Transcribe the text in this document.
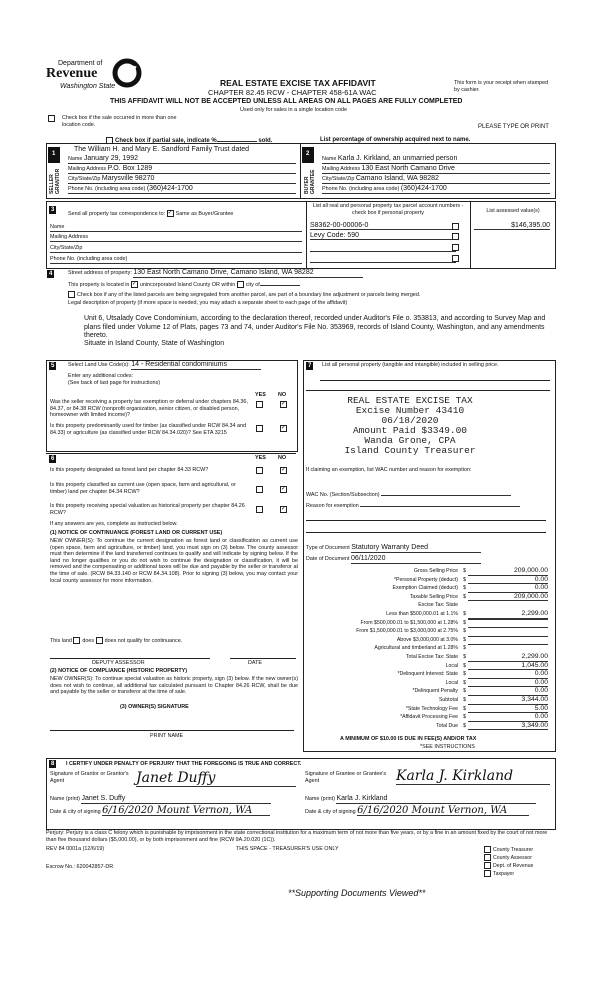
Department of
Revenue
Washington State	REAL ESTATE EXCISE TAX AFFIDAVIT
CHAPTER 82.45 RCW - CHAPTER 458-61A WAC
This form is your receipt when stamped by cashier.
THIS AFFIDAVIT WILL NOT BE ACCEPTED UNLESS ALL AREAS ON ALL PAGES ARE FULLY COMPLETED
Used only for sales in a single location code
Check box if the sale occurred in more than one location code.	PLEASE TYPE OR PRINT
Check box if partial sale, indicate %	sold.	List percentage of ownership acquired next to name.
1
SELLER GRANTOR
The William H. and Mary E. Sandford Family Trust dated
Name January 29, 1992
Mailing Address P.O. Box 1289
City/State/Zip Marysville 98270
Phone No. (including area code) (360)424-1700
2
BUYER GRANTEE
Name Karla J. Kirkland, an unmarried person
Mailing Address 130 East North Camano Drive
City/State/Zip Camano Island, WA 98282
Phone No. (including area code) (360)424-1700
3
Send all property tax correspondence to: ✓ Same as Buyer/Grantee
Name
Mailing Address
City/State/Zip
Phone No. (including area code)
List all real and personal property tax parcel account numbers - check box if personal property	List assessed value(s)
S8362-00-00006-0
Levy Code: 590
$146,395.00
4	Street address of property: 130 East North Camano Drive, Camano Island, WA 98282
This property is located in ✓ unincorporated Island County OR within city of
Check box if any of the listed parcels are being segregated from another parcel, are part of a boundary line adjustment or parcels being merged.
Legal description of property (if more space is needed, you may attach a separate sheet to each page of the affidavit)
Unit 6, Utsalady Cove Condominium, according to the declaration thereof, recorded under Auditor's File o. 353813, and according to Survey Map and plans filed under Volume 12 of Plats, pages 73 and 74, under Auditor's File No. 353969, records of Island County, Washington, and any amendments thereto.
Situate in Island County, State of Washington
5	Select Land Use Code(s): 14 - Residential condominiums
Enter any additional codes:
(See back of last page for instructions)
YES NO
Was the seller receiving a property tax exemption or deferral under chapters 84.36, 84.37, or 84.38 RCW (nonprofit organization, senior citizen, or disabled person, homeowner with limited income)?
✓
Is this property predominantly used for timber (as classified under RCW 84.34 and 84.33) or agriculture (as classified under RCW 84.34.020)? See ETA 3215
✓
6	YES NO
Is this property designated as forest land per chapter 84.33 RCW?
✓
Is this property classified as current use (open space, farm and agricultural, or timber) land per chapter 84.34 RCW?
✓
Is this property receiving special valuation as historical property per chapter 84.26 RCW?
✓
If any answers are yes, complete as instructed below.
(1) NOTICE OF CONTINUANCE (FOREST LAND OR CURRENT USE)
NEW OWNER(S): To continue the current designation as forest land or classification as current use (open space, farm and agriculture, or timber) land, you must sign on (3) below. The county assessor must then determine if the land transferred continues to qualify and will indicate by signing below. If the land no longer qualifies or you do not wish to continue the designation or classification, it will be removed and the compensating or additional taxes will be due and payable by the seller or transferor at the time of sale. (RCW 84.33.140 or RCW 84.34.108). Prior to signing (3) below, you may contact your local county assessor for more information.
This land does does not qualify for continuance.
DEPUTY ASSESSOR	DATE
(2) NOTICE OF COMPLIANCE (HISTORIC PROPERTY)
NEW OWNER(S): To continue special valuation as historic property, sign (3) below. If the new owner(s) does not wish to continue, all additional tax calculated pursuant to Chapter 84.26 RCW, shall be due and payable by the seller or transferor at the time of sale.
(3) OWNER(S) SIGNATURE
PRINT NAME
7	List all personal property (tangible and intangible) included in selling price.
REAL ESTATE EXCISE TAX
Excise Number 43410
06/18/2020
Amount Paid $3349.00
Wanda Grone, CPA
Island County Treasurer
If claiming an exemption, list WAC number and reason for exemption:
WAC No. (Section/Subsection)
Reason for exemption
Type of Document Statutory Warranty Deed
Date of Document 06/11/2020
Gross Selling Price $	209,000.00
*Personal Property (deduct) $	0.00
Exemption Claimed (deduct) $	0.00
Taxable Selling Price $	209,000.00
Excise Tax: State
Less than $500,000.01 at 1.1% $	2,299.00
From $500,000.01 to $1,500,000 at 1.28% $
From $1,500,000.01 to $3,000,000 at 2.75% $
Above $3,000,000 at 3.0% $
Agricultural and timberland at 1.28% $
Total Excise Tax: State $	2,299.00
Local $	1,045.00
*Delinquent Interest: State $	0.00
Local $	0.00
*Delinquent Penalty $	0.00
Subtotal $	3,344.00
*State Technology Fee $	5.00
*Affidavit Processing Fee $	0.00
Total Due $	3,349.00
A MINIMUM OF $10.00 IS DUE IN FEE(S) AND/OR TAX
*SEE INSTRUCTIONS
8	I CERTIFY UNDER PENALTY OF PERJURY THAT THE FOREGOING IS TRUE AND CORRECT.
Signature of Grantor or Grantor's Agent	Janet Duffy	Signature of Grantee or Grantee's Agent	Karla J. Kirkland
Name (print) Janet S. Duffy	Name (print) Karla J. Kirkland
Date & city of signing 6/16/2020 Mount Vernon, WA	Date & city of signing 6/16/2020 Mount Vernon, WA
Perjury: Perjury is a class C felony which is punishable by imprisonment in the state correctional institution for a maximum term of not more than five years, or by a fine in an amount fixed by the court of not more than five thousand dollars ($5,000.00), or by both imprisonment and fine (RCW 9A.20.020 (1C)).
REV 84 0001a (12/6/19)	THIS SPACE - TREASURER'S USE ONLY
Escrow No.: 620042857-DR
**Supporting Documents Viewed**
County Treasurer
County Assessor
Dept. of Revenue
Taxpayer
